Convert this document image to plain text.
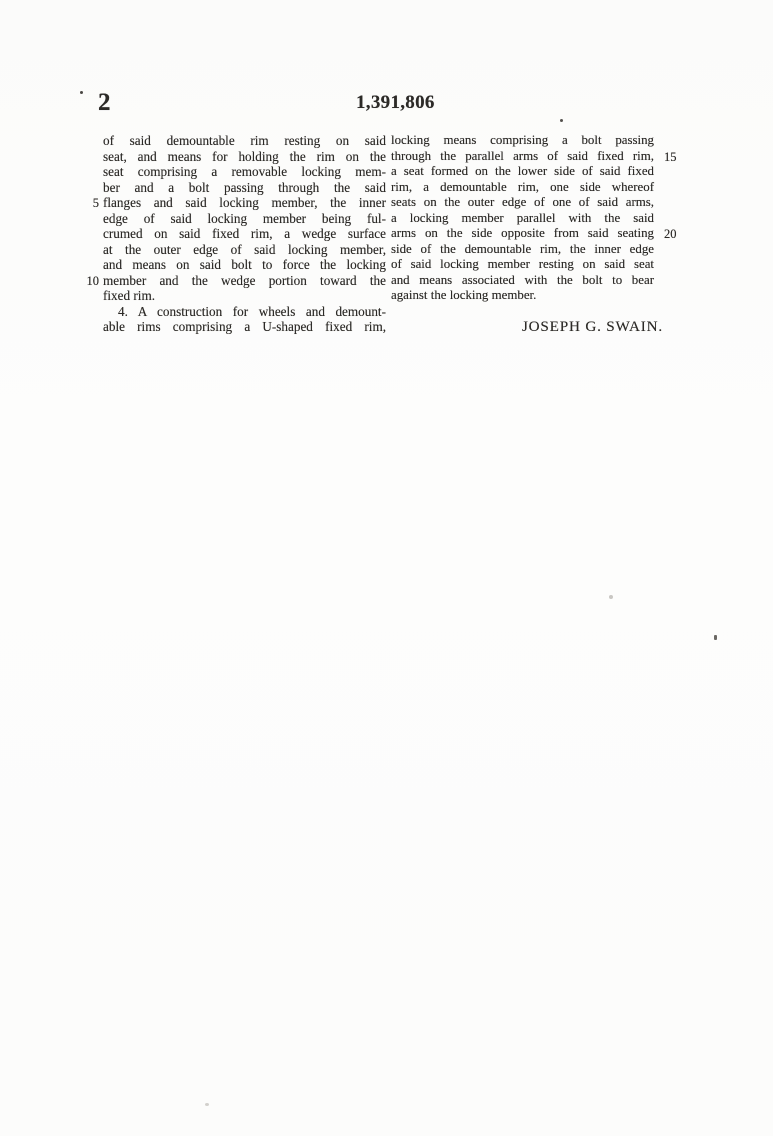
2	1,391,806
5
10
of said demountable rim resting on said
seat, and means for holding the rim on the
seat comprising a removable locking mem-
ber and a bolt passing through the said
flanges and said locking member, the inner
edge of said locking member being ful-
crumed on said fixed rim, a wedge surface
at the outer edge of said locking member,
and means on said bolt to force the locking
member and the wedge portion toward the
fixed rim.
4. A construction for wheels and demount-
able rims comprising a U-shaped fixed rim,
15
20
locking means comprising a bolt passing
through the parallel arms of said fixed rim,
a seat formed on the lower side of said fixed
rim, a demountable rim, one side whereof
seats on the outer edge of one of said arms,
a locking member parallel with the said
arms on the side opposite from said seating
side of the demountable rim, the inner edge
of said locking member resting on said seat
and means associated with the bolt to bear
against the locking member.
JOSEPH G. SWAIN.
